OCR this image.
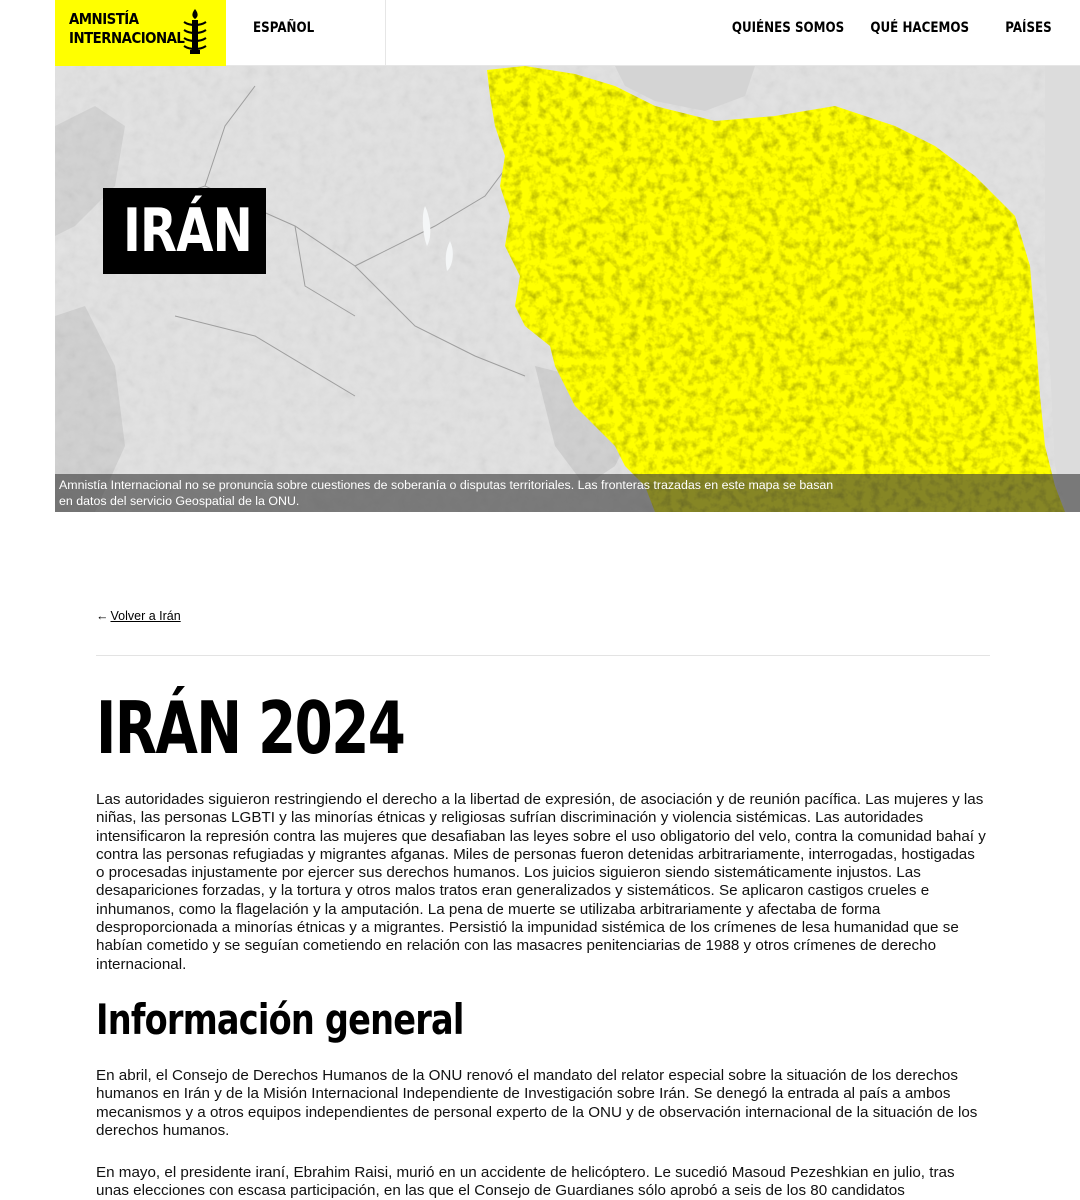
AMNISTÍA
INTERNACIONAL
ESPAÑOL	QUIÉNES SOMOS QUÉ HACEMOS	PAÍSES
IRÁN
Amnistía Internacional no se pronuncia sobre cuestiones de soberanía o disputas territoriales. Las fronteras trazadas en este mapa se basan en datos del servicio Geospatial de la ONU.
← Volver a Irán
IRÁN 2024

Las autoridades siguieron restringiendo el derecho a la libertad de expresión, de asociación y de reunión pacífica. Las mujeres y las niñas, las personas LGBTI y las minorías étnicas y religiosas sufrían discriminación y violencia sistémicas. Las autoridades intensificaron la represión contra las mujeres que desafiaban las leyes sobre el uso obligatorio del velo, contra la comunidad bahaí y contra las personas refugiadas y migrantes afganas. Miles de personas fueron detenidas arbitrariamente, interrogadas, hostigadas o procesadas injustamente por ejercer sus derechos humanos. Los juicios siguieron siendo sistemáticamente injustos. Las desapariciones forzadas, y la tortura y otros malos tratos eran generalizados y sistemáticos. Se aplicaron castigos crueles e inhumanos, como la flagelación y la amputación. La pena de muerte se utilizaba arbitrariamente y afectaba de forma desproporcionada a minorías étnicas y a migrantes. Persistió la impunidad sistémica de los crímenes de lesa humanidad que se habían cometido y se seguían cometiendo en relación con las masacres penitenciarias de 1988 y otros crímenes de derecho internacional.

Información general

En abril, el Consejo de Derechos Humanos de la ONU renovó el mandato del relator especial sobre la situación de los derechos humanos en Irán y de la Misión Internacional Independiente de Investigación sobre Irán. Se denegó la entrada al país a ambos mecanismos y a otros equipos independientes de personal experto de la ONU y de observación internacional de la situación de los derechos humanos.

En mayo, el presidente iraní, Ebrahim Raisi, murió en un accidente de helicóptero. Le sucedió Masoud Pezeshkian en julio, tras unas elecciones con escasa participación, en las que el Consejo de Guardianes sólo aprobó a seis de los 80 candidatos
